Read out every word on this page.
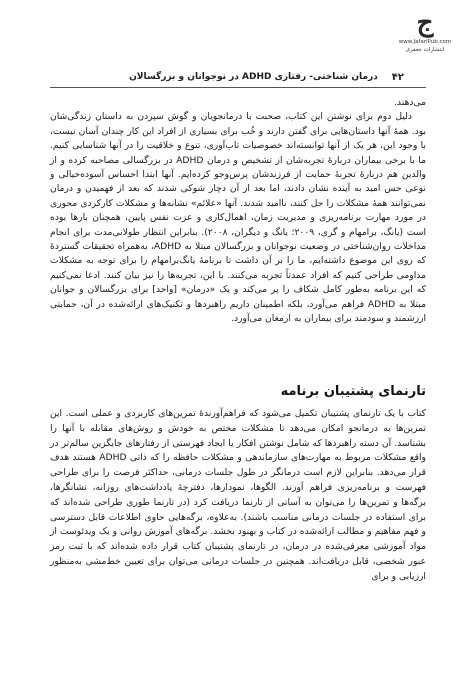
ج
www.JafariPub.com
انتشارات جعفری
۴۲
درمان شناختی- رفتاری ADHD در نوجوانان و بزرگسالان

می‌دهند.

دلیل دوم برای نوشتن این کتاب، صحبت با درمانجویان و گوش سپردن به داستان زندگی‌شان بود. همهٔ آنها داستان‌هایی برای گفتن دارند و خُب برای بسیاری از افراد این کار چندان آسان نیست، با وجود این، هر یک از آنها توانسته‌اند خصوصیات تاب‌آوری، تنوع و خلاقیت را در آنها شناسایی کنیم. ما با برخی بیماران دربارهٔ تجربه‌شان از تشخیص و درمان ADHD در بزرگسالی مصاحبه کرده و از والدین هم دربارهٔ تجربهٔ حمایت از فرزندشان پرس‌وجو کرده‌ایم. آنها ابتدا احساس آسوده‌خیالی و نوعی حس امید به آینده نشان دادند، اما بعد از آن دچار شوکی شدند که بعد از فهمیدن و درمان نمی‌توانند همهٔ مشکلات را حل کنند، ناامید شدند. آنها «علائم» نشانه‌ها و مشکلات کارکردی محوری در مورد مهارت برنامه‌ریزی و مدیریت زمان، اهمال‌کاری و عزت نفس پایین، همچنان بارها بوده است (یانگ، برامهام و گری، ۲۰۰۹؛ یانگ و دیگران، ۲۰۰۸). بنابراین انتظار طولانی‌مدت برای انجام مداخلات روان‌شناختی در وضعیت نوجوانان و بزرگسالان مبتلا به ADHD، به‌همراه تحقیقات گستردهٔ که روی این موضوع داشته‌ایم، ما را بر آن داشت تا برنامهٔ یانگ‌برامهام را برای توجه به مشکلات مداومی طراحی کنیم که افراد عمدتاً تجربه می‌کنند. با این، تجربه‌ها را نیز بیان کنند. ادعا نمی‌کنیم که این برنامه به‌طور کامل شکاف را پر می‌کند و یک «درمان» [واحد] برای بزرگسالان و جوانان مبتلا به ADHD فراهم می‌آورد، بلکه اطمینان داریم راهبردها و تکنیک‌های ارائه‌شده در آن، حمایتی ارزشمند و سودمند برای بیماران به ارمغان می‌آورد.

تارنمای پشتیبان برنامه

کتاب با یک تارنمای پشتیبان تکمیل می‌شود که فراهم‌آورندهٔ تمرین‌های کاربردی و عملی است. این تمرین‌ها به درمانجو امکان می‌دهد تا مشکلات مختص به خودش و روش‌های مقابله با آنها را بشناسد. آن دسته راهبردها که شامل نوشتن افکار یا ایجاد فهرستی از رفتارهای جایگزین سالم‌تر در واقع مشکلات مربوط به مهارت‌های سازماندهی و مشکلات حافظه را که ذاتی ADHD هستند هدف قرار می‌دهد. بنابراین لازم است درمانگر در طول جلسات درمانی، حداکثر فرصت را برای طراحی فهرست و برنامه‌ریزی فراهم آورند. الگوها، نمودارها، دفترچهٔ یادداشت‌های روزانه، نشانگرها، برگه‌ها و تمرین‌ها را می‌توان به آسانی از تارنما دریافت کرد (در تارنما طوری طراحی شده‌اند که برای استفاده در جلسات درمانی مناسب باشند). به‌علاوه، برگه‌هایی حاوی اطلاعات قابل دسترسی و فهم مفاهیم و مطالب ارائه‌شده در کتاب و بهبود بخشد. برگه‌های آموزش روانی و یک ویدئوست از مواد آموزشی معرفی‌شده در درمان، در تارنمای پشتیبان کتاب قرار داده شده‌اند که با ثبت رمز عبور شخصی، قابل دریافت‌اند. همچنین در جلسات درمانی می‌توان برای تعیین خط‌مشی به‌منظور ارزیابی و برای
